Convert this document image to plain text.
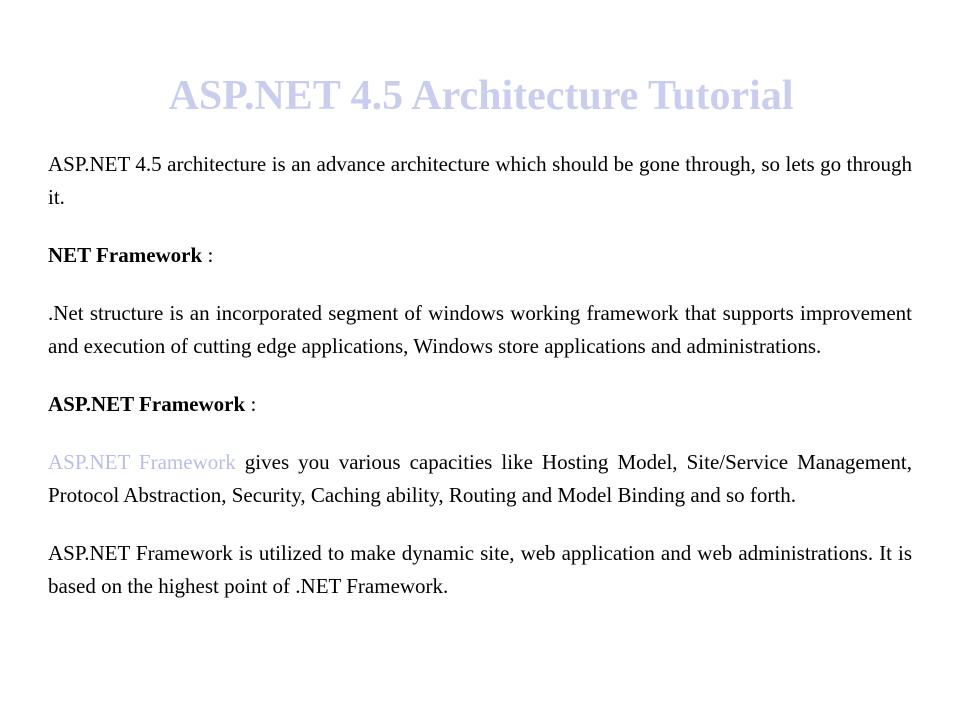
ASP.NET 4.5 Architecture Tutorial

ASP.NET 4.5 architecture is an advance architecture which should be gone through, so lets go through it.

NET Framework :

.Net structure is an incorporated segment of windows working framework that supports improvement and execution of cutting edge applications, Windows store applications and administrations.

ASP.NET Framework :

ASP.NET Framework gives you various capacities like Hosting Model, Site/Service Management, Protocol Abstraction, Security, Caching ability, Routing and Model Binding and so forth.

ASP.NET Framework is utilized to make dynamic site, web application and web administrations. It is based on the highest point of .NET Framework.
